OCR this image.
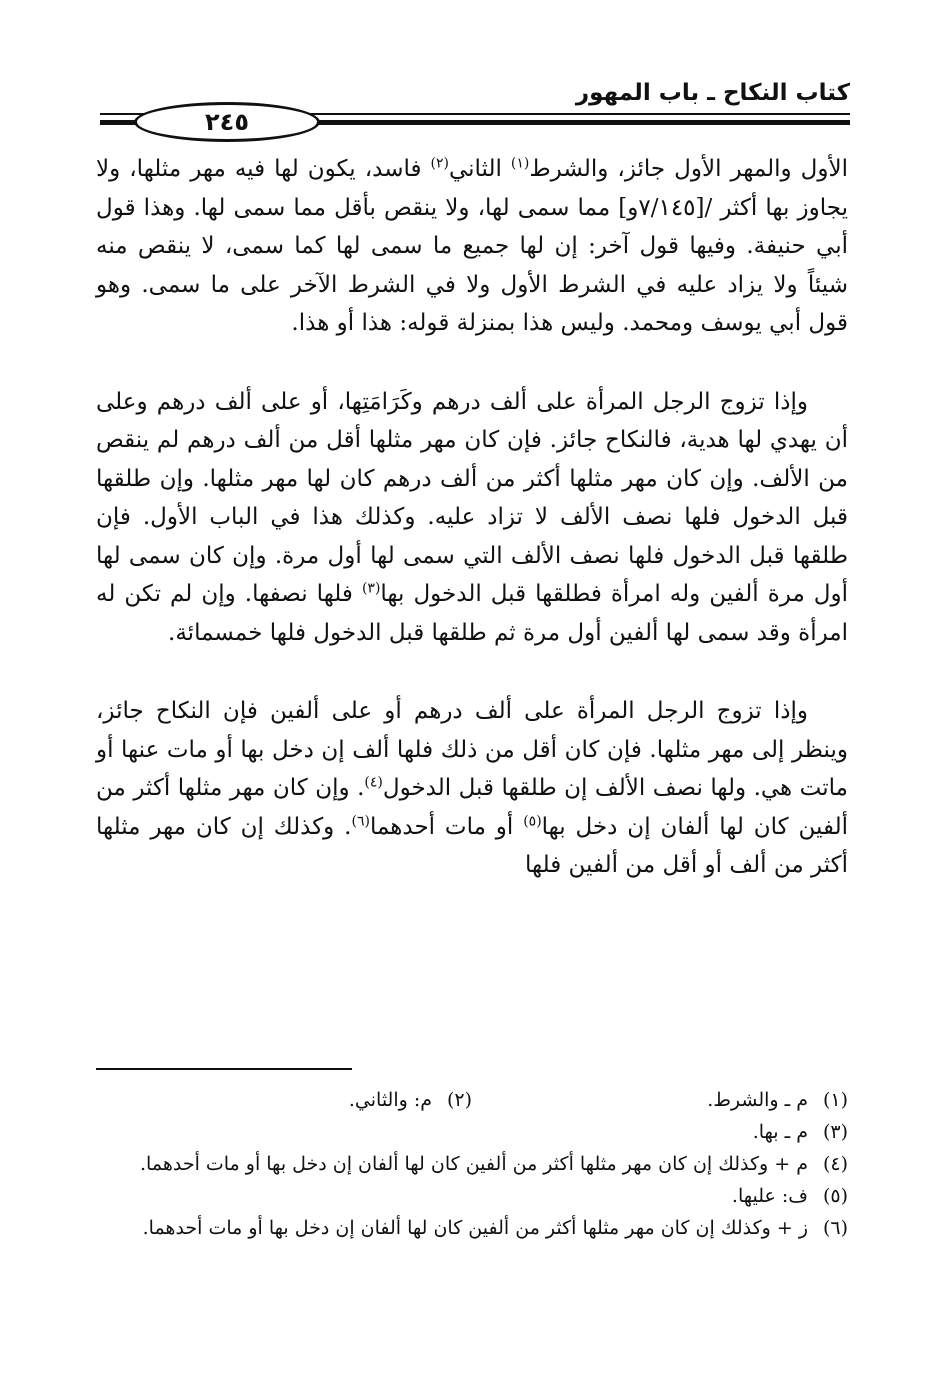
كتاب النكاح ـ باب المهور
٢٤٥

الأول والمهر الأول جائز، والشرط$^{(١)}$ الثاني$^{(٢)}$ فاسد، يكون لها فيه مهر مثلها، ولا يجاوز بها أكثر /[٧/١٤٥و] مما سمى لها، ولا ينقص بأقل مما سمى لها. وهذا قول أبي حنيفة. وفيها قول آخر: إن لها جميع ما سمى لها كما سمى، لا ينقص منه شيئاً ولا يزاد عليه في الشرط الأول ولا في الشرط الآخر على ما سمى. وهو قول أبي يوسف ومحمد. وليس هذا بمنزلة قوله: هذا أو هذا.

وإذا تزوج الرجل المرأة على ألف درهم وكَرَامَتِها، أو على ألف درهم وعلى أن يهدي لها هدية، فالنكاح جائز. فإن كان مهر مثلها أقل من ألف درهم لم ينقص من الألف. وإن كان مهر مثلها أكثر من ألف درهم كان لها مهر مثلها. وإن طلقها قبل الدخول فلها نصف الألف لا تزاد عليه. وكذلك هذا في الباب الأول. فإن طلقها قبل الدخول فلها نصف الألف التي سمى لها أول مرة. وإن كان سمى لها أول مرة ألفين وله امرأة فطلقها قبل الدخول بها$^{(٣)}$ فلها نصفها. وإن لم تكن له امرأة وقد سمى لها ألفين أول مرة ثم طلقها قبل الدخول فلها خمسمائة.

وإذا تزوج الرجل المرأة على ألف درهم أو على ألفين فإن النكاح جائز، وينظر إلى مهر مثلها. فإن كان أقل من ذلك فلها ألف إن دخل بها أو مات عنها أو ماتت هي. ولها نصف الألف إن طلقها قبل الدخول$^{(٤)}$. وإن كان مهر مثلها أكثر من ألفين كان لها ألفان إن دخل بها$^{(٥)}$ أو مات أحدهما$^{(٦)}$. وكذلك إن كان مهر مثلها أكثر من ألف أو أقل من ألفين فلها

(١)
م ـ والشرط.
(٢)
م: والثاني.
(٣)
م ـ بها.
(٤)
م + وكذلك إن كان مهر مثلها أكثر من ألفين كان لها ألفان إن دخل بها أو مات أحدهما.
(٥)
ف: عليها.
(٦)
ز + وكذلك إن كان مهر مثلها أكثر من ألفين كان لها ألفان إن دخل بها أو مات أحدهما.
